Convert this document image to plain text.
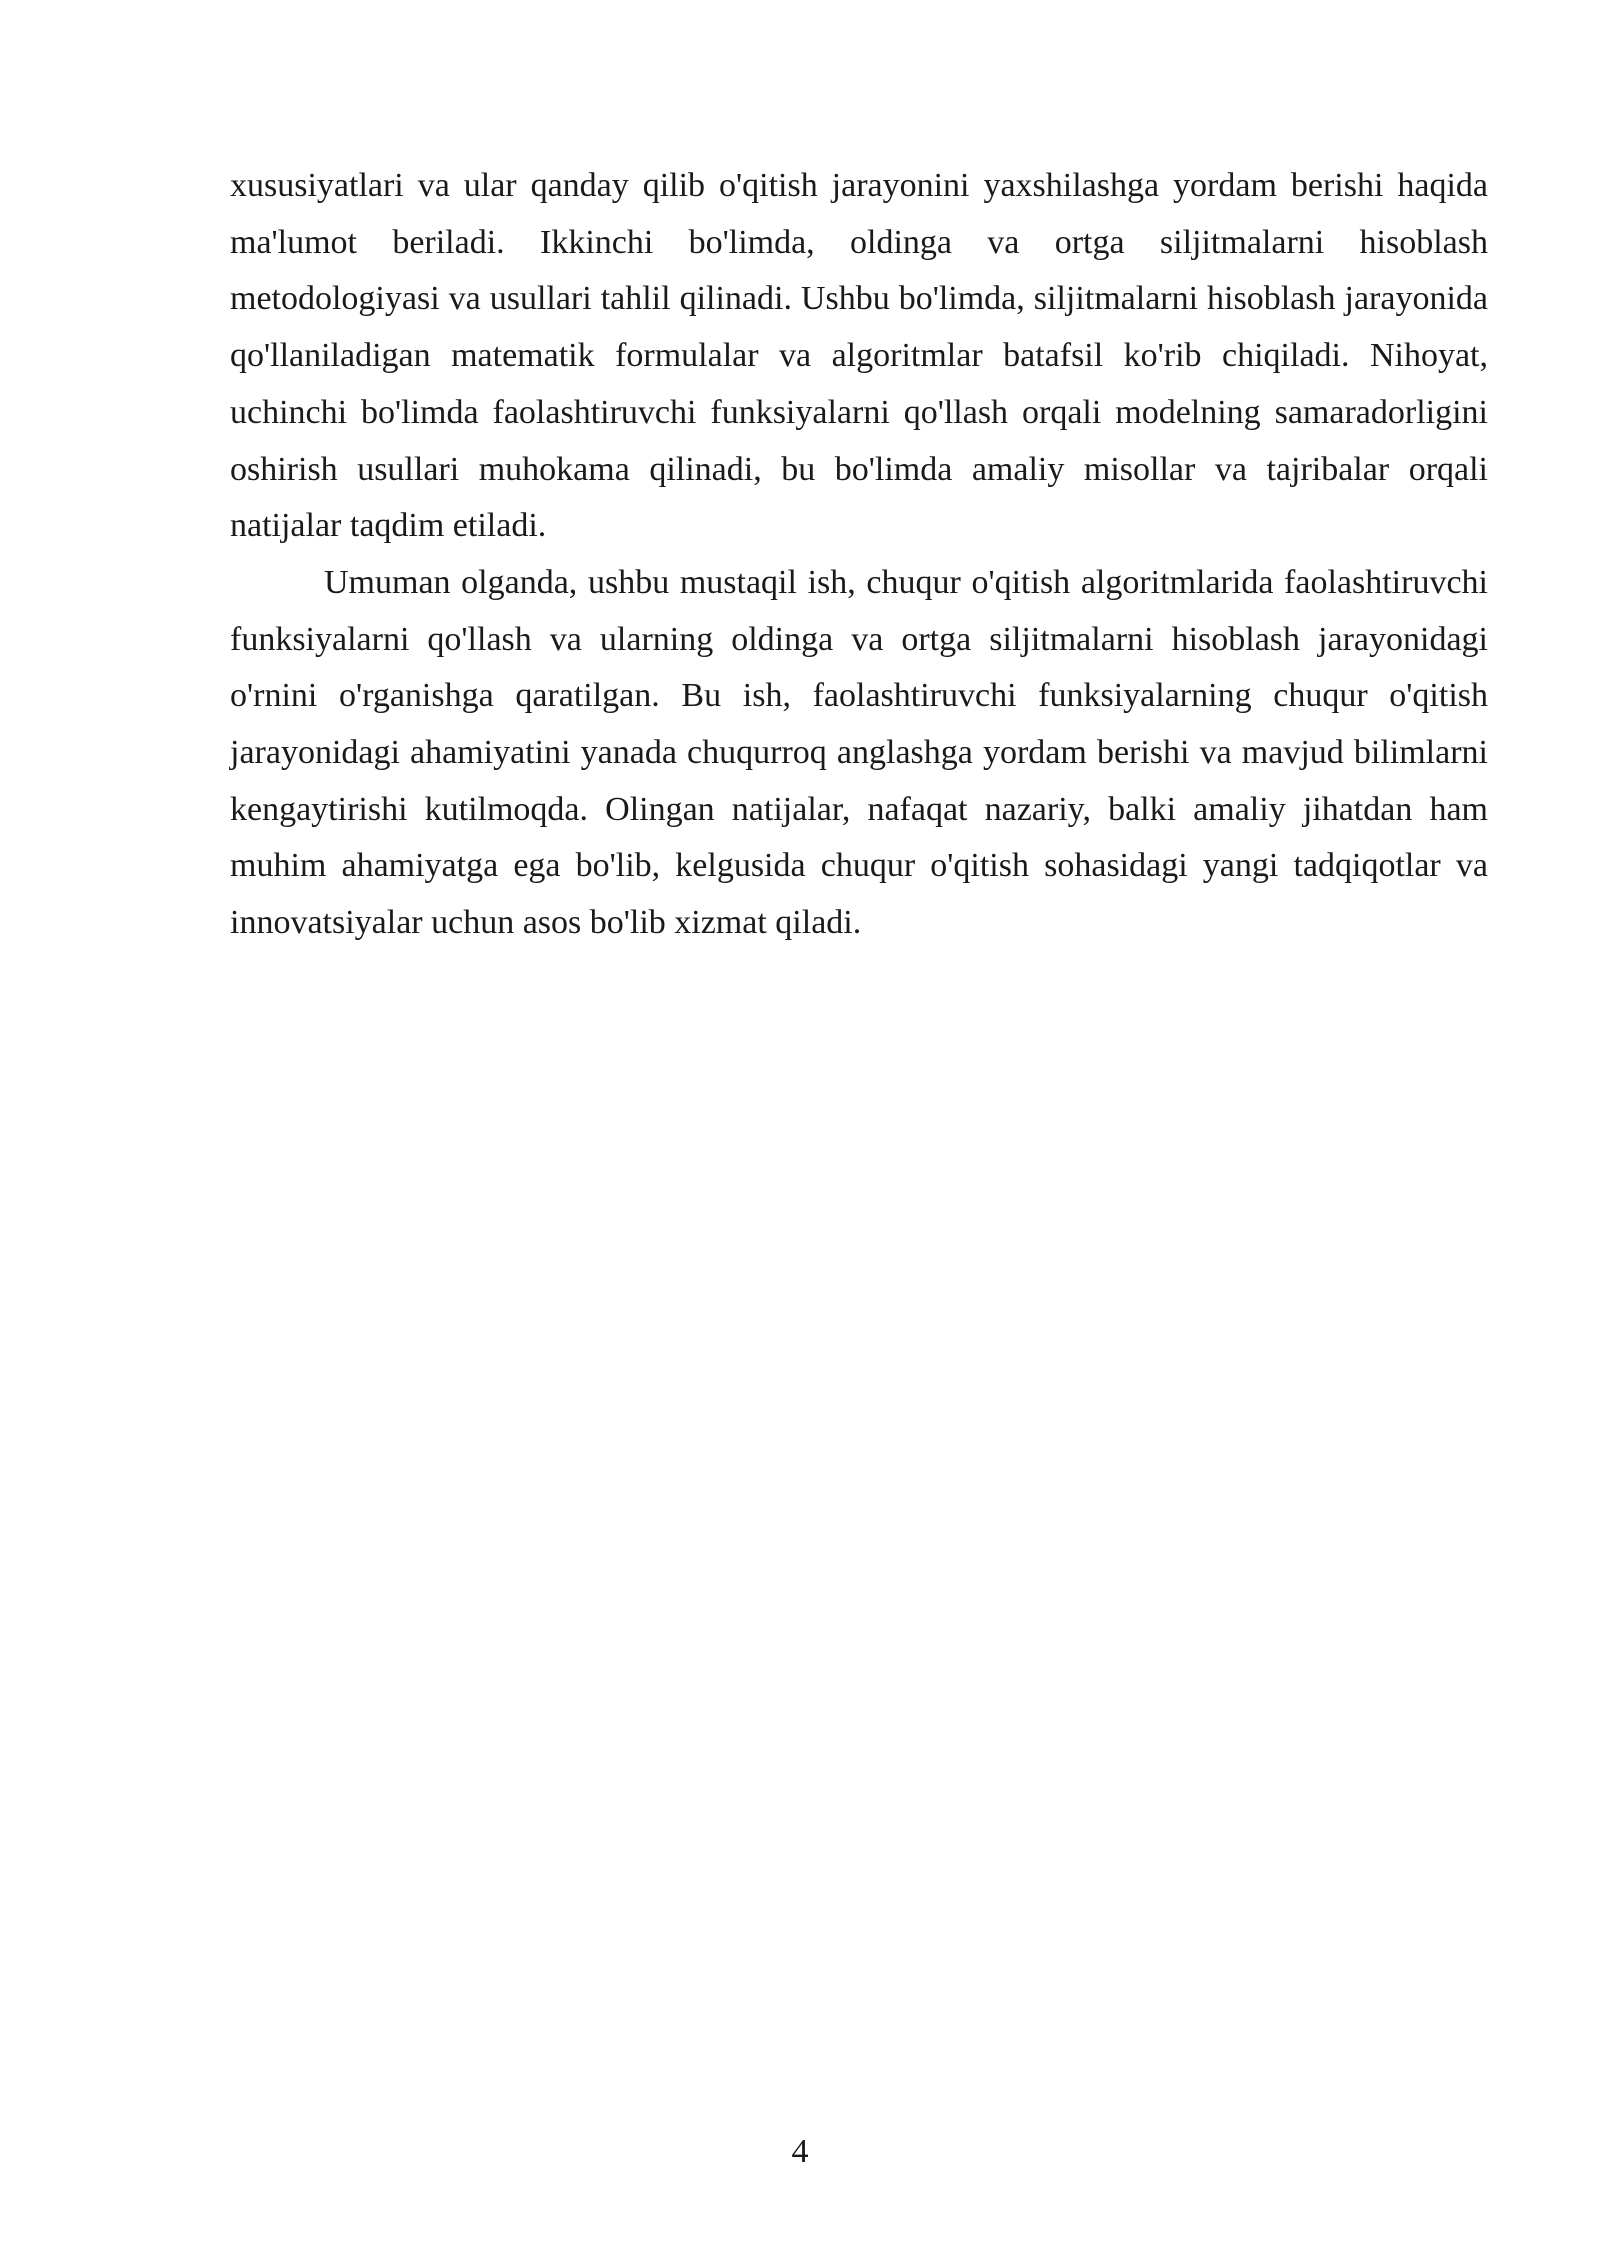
xususiyatlari va ular qanday qilib o'qitish jarayonini yaxshilashga yordam berishi haqida ma'lumot beriladi. Ikkinchi bo'limda, oldinga va ortga siljitmalarni hisoblash metodologiyasi va usullari tahlil qilinadi. Ushbu bo'limda, siljitmalarni hisoblash jarayonida qo'llaniladigan matematik formulalar va algoritmlar batafsil ko'rib chiqiladi. Nihoyat, uchinchi bo'limda faolashtiruvchi funksiyalarni qo'llash orqali modelning samaradorligini oshirish usullari muhokama qilinadi, bu bo'limda amaliy misollar va tajribalar orqali natijalar taqdim etiladi.

Umuman olganda, ushbu mustaqil ish, chuqur o'qitish algoritmlarida faolashtiruvchi funksiyalarni qo'llash va ularning oldinga va ortga siljitmalarni hisoblash jarayonidagi o'rnini o'rganishga qaratilgan. Bu ish, faolashtiruvchi funksiyalarning chuqur o'qitish jarayonidagi ahamiyatini yanada chuqurroq anglashga yordam berishi va mavjud bilimlarni kengaytirishi kutilmoqda. Olingan natijalar, nafaqat nazariy, balki amaliy jihatdan ham muhim ahamiyatga ega bo'lib, kelgusida chuqur o'qitish sohasidagi yangi tadqiqotlar va innovatsiyalar uchun asos bo'lib xizmat qiladi.

4
